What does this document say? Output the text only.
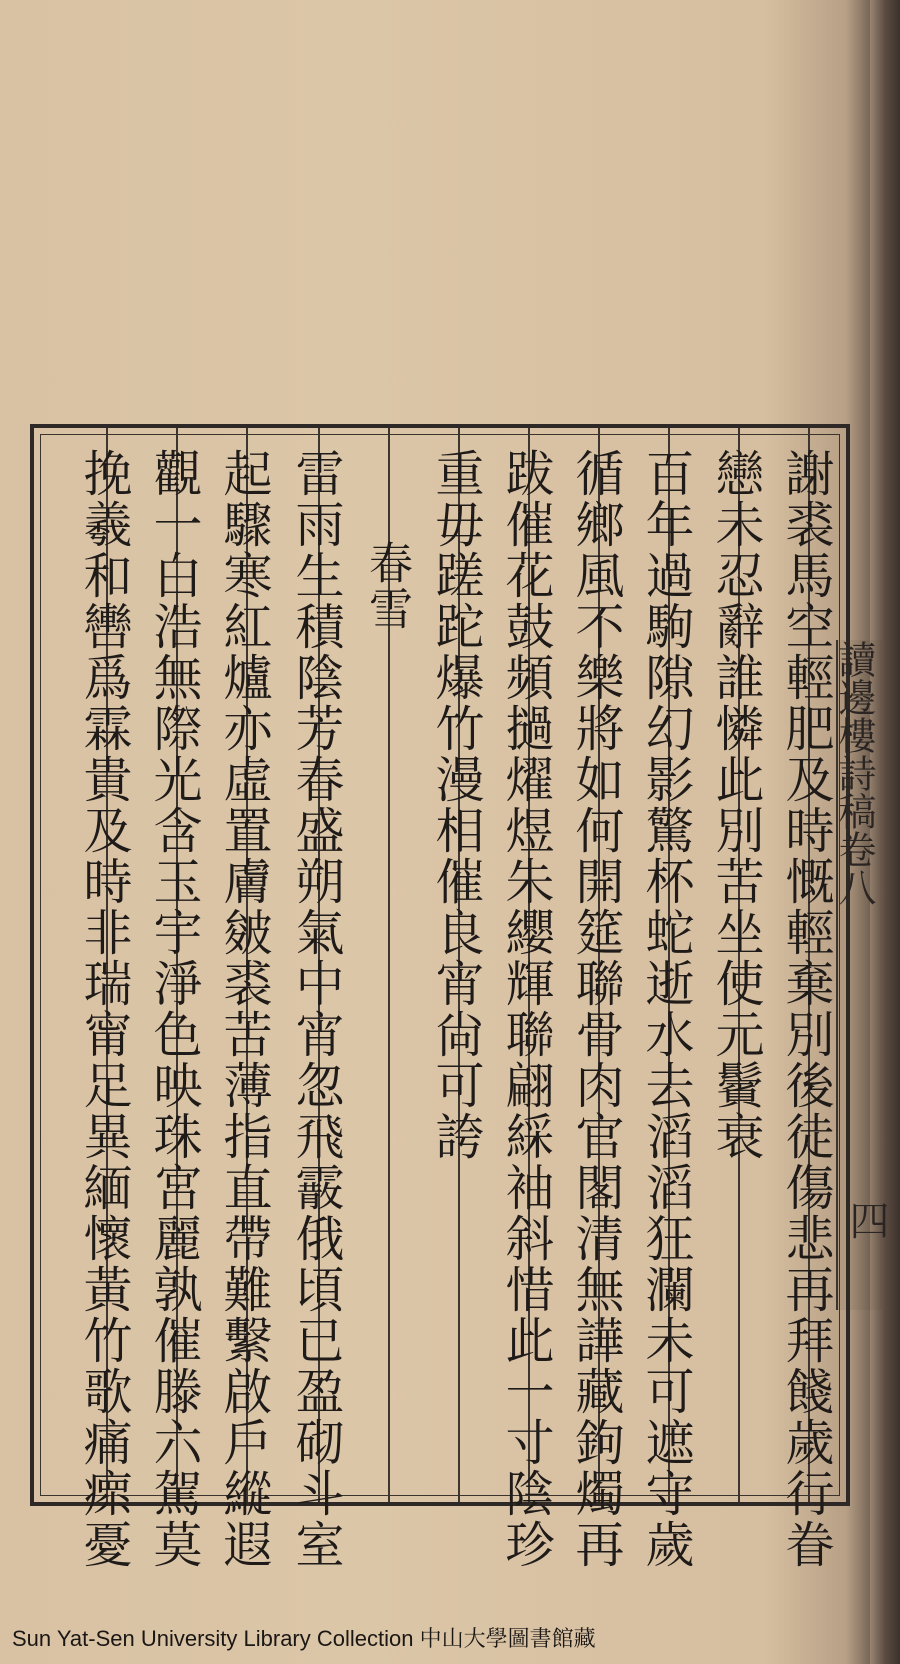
謝裘馬空輕肥及時慨輕棄別後徒傷悲再拜餞歲行眷
戀未忍辭誰憐此別苦坐使元鬢衰
百年過駒隙幻影驚杯蛇逝水去滔滔狂瀾未可遮守歲
循鄉風不樂將如何開筵聯骨肉官閣清無譁藏鉤燭再
跋催花鼓頻撾燿煜朱纓輝聯翩綵袖斜惜此一寸陰珍
重毋蹉跎爆竹漫相催良宵尙可誇
春雪
雷雨生積陰芳春盛朔氣中宵忽飛霰俄頃已盈砌斗室
起驟寒紅爐亦虛置膚皴裘苦薄指直帶難繫啟戶縱遐
觀一白浩無際光含玉宇淨色映珠宮麗孰催滕六駕莫
挽羲和轡爲霖貴及時非瑞甯足異緬懷黃竹歌痛瘝憂	讀邊樓詩稿卷八
四
Sun Yat-Sen University Library Collection 中山大學圖書館藏
